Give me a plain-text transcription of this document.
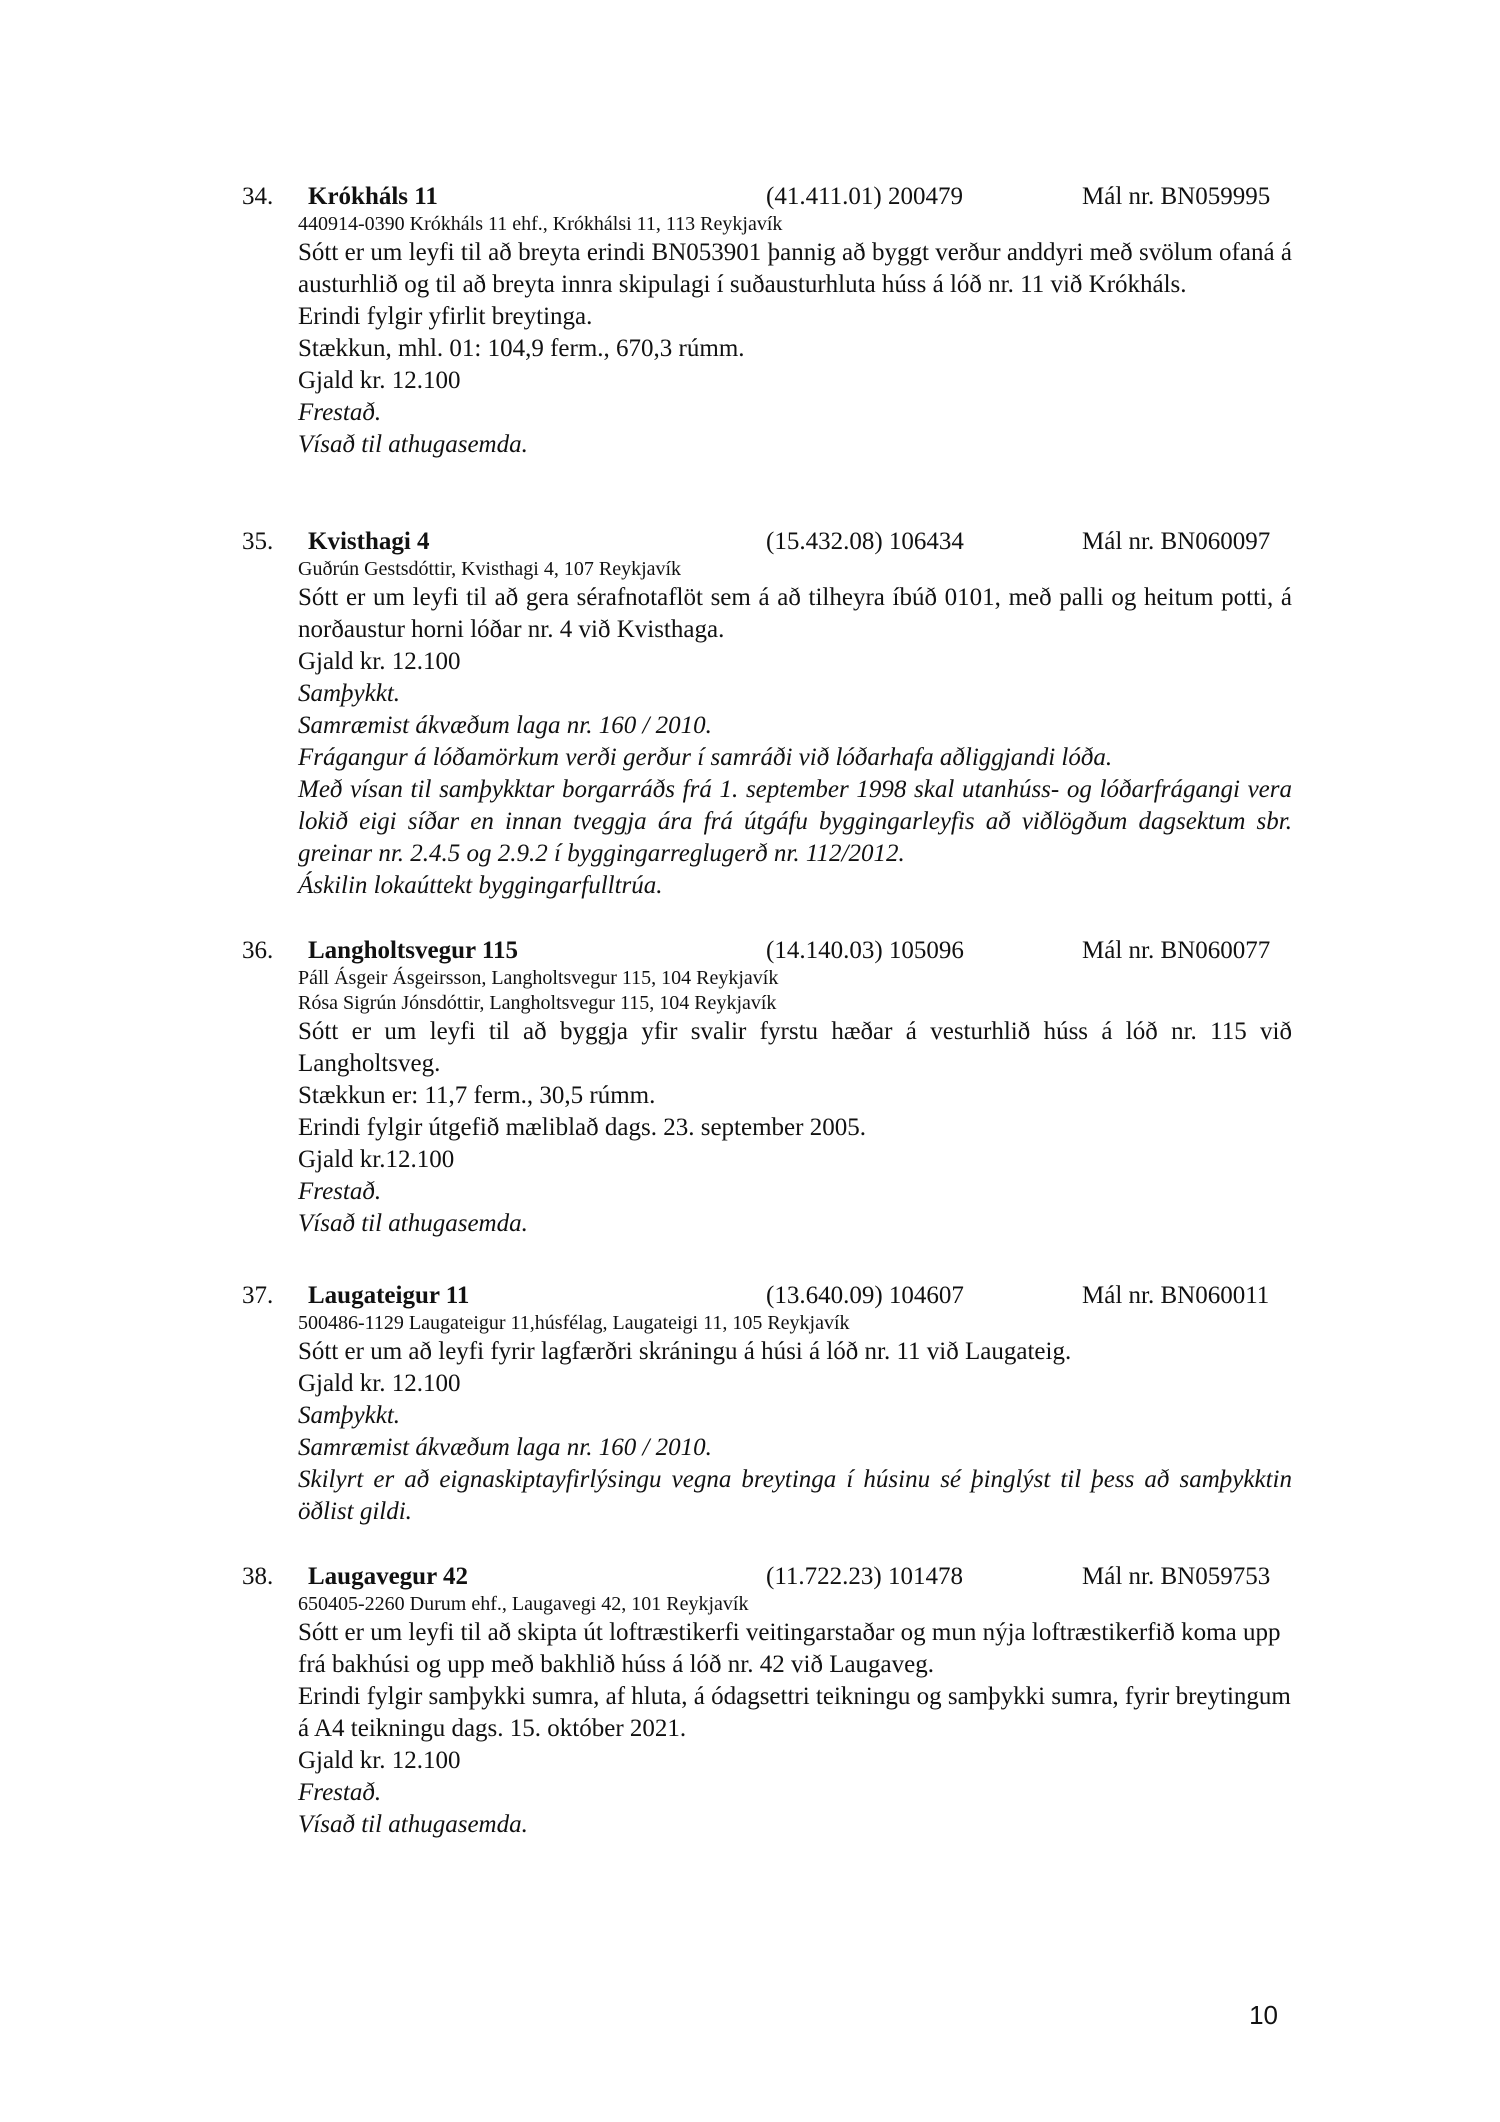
34. Krókháls 11	(41.411.01) 200479	Mál nr. BN059995
440914-0390 Krókháls 11 ehf., Krókhálsi 11, 113 Reykjavík
Sótt er um leyfi til að breyta erindi BN053901 þannig að byggt verður anddyri með svölum ofaná á austurhlið og til að breyta innra skipulagi í suðausturhluta húss á lóð nr. 11 við Krókháls.
Erindi fylgir yfirlit breytinga.
Stækkun, mhl. 01: 104,9 ferm., 670,3 rúmm.
Gjald kr. 12.100
Frestað.
Vísað til athugasemda.
35. Kvisthagi 4	(15.432.08) 106434	Mál nr. BN060097
Guðrún Gestsdóttir, Kvisthagi 4, 107 Reykjavík
Sótt er um leyfi til að gera sérafnotaflöt sem á að tilheyra íbúð 0101, með palli og heitum potti, á norðaustur horni lóðar nr. 4 við Kvisthaga.
Gjald kr. 12.100
Samþykkt.
Samræmist ákvæðum laga nr. 160 / 2010.
Frágangur á lóðamörkum verði gerður í samráði við lóðarhafa aðliggjandi lóða.
Með vísan til samþykktar borgarráðs frá 1. september 1998 skal utanhúss- og lóðarfrágangi vera lokið eigi síðar en innan tveggja ára frá útgáfu byggingarleyfis að viðlögðum dagsektum sbr. greinar nr. 2.4.5 og 2.9.2 í byggingarreglugerð nr. 112/2012.
Áskilin lokaúttekt byggingarfulltrúa.
36. Langholtsvegur 115	(14.140.03) 105096	Mál nr. BN060077
Páll Ásgeir Ásgeirsson, Langholtsvegur 115, 104 Reykjavík
Rósa Sigrún Jónsdóttir, Langholtsvegur 115, 104 Reykjavík
Sótt er um leyfi til að byggja yfir svalir fyrstu hæðar á vesturhlið húss á lóð nr. 115 við Langholtsveg.
Stækkun er: 11,7 ferm., 30,5 rúmm.
Erindi fylgir útgefið mæliblað dags. 23. september 2005.
Gjald kr.12.100
Frestað.
Vísað til athugasemda.
37. Laugateigur 11	(13.640.09) 104607	Mál nr. BN060011
500486-1129 Laugateigur 11,húsfélag, Laugateigi 11, 105 Reykjavík
Sótt er um að leyfi fyrir lagfærðri skráningu á húsi á lóð nr. 11 við Laugateig.
Gjald kr. 12.100
Samþykkt.
Samræmist ákvæðum laga nr. 160 / 2010.
Skilyrt er að eignaskiptayfirlýsingu vegna breytinga í húsinu sé þinglýst til þess að samþykktin öðlist gildi.
38. Laugavegur 42	(11.722.23) 101478	Mál nr. BN059753
650405-2260 Durum ehf., Laugavegi 42, 101 Reykjavík
Sótt er um leyfi til að skipta út loftræstikerfi veitingarstaðar og mun nýja loftræstikerfið koma upp frá bakhúsi og upp með bakhlið húss á lóð nr. 42 við Laugaveg.
Erindi fylgir samþykki sumra, af hluta, á ódagsettri teikningu og samþykki sumra, fyrir breytingum á A4 teikningu dags. 15. október 2021.
Gjald kr. 12.100
Frestað.
Vísað til athugasemda.
10
